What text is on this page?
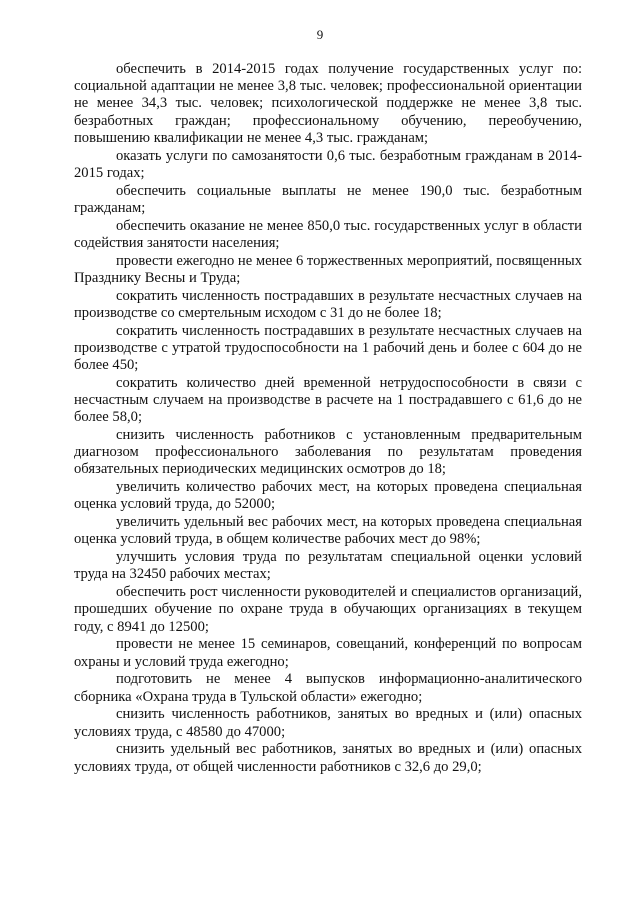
9

обеспечить в 2014-2015 годах получение государственных услуг по: социальной адаптации не менее 3,8 тыс. человек; профессиональной ориентации не менее 34,3 тыс. человек; психологической поддержке не менее 3,8 тыс. безработных граждан; профессиональному обучению, переобучению, повышению квалификации не менее 4,3 тыс. гражданам;

оказать услуги по самозанятости 0,6 тыс. безработным гражданам в 2014-2015 годах;

обеспечить социальные выплаты не менее 190,0 тыс. безработным гражданам;

обеспечить оказание не менее 850,0 тыс. государственных услуг в области содействия занятости населения;

провести ежегодно не менее 6 торжественных мероприятий, посвященных Празднику Весны и Труда;

сократить численность пострадавших в результате несчастных случаев на производстве со смертельным исходом с 31 до не более 18;

сократить численность пострадавших в результате несчастных случаев на производстве с утратой трудоспособности на 1 рабочий день и более с 604 до не более 450;

сократить количество дней временной нетрудоспособности в связи с несчастным случаем на производстве в расчете на 1 пострадавшего с 61,6 до не более 58,0;

снизить численность работников с установленным предварительным диагнозом профессионального заболевания по результатам проведения обязательных периодических медицинских осмотров до 18;

увеличить количество рабочих мест, на которых проведена специальная оценка условий труда, до 52000;

увеличить удельный вес рабочих мест, на которых проведена специальная оценка условий труда, в общем количестве рабочих мест до 98%;

улучшить условия труда по результатам специальной оценки условий труда на 32450 рабочих местах;

обеспечить рост численности руководителей и специалистов организаций, прошедших обучение по охране труда в обучающих организациях в текущем году, с 8941 до 12500;

провести не менее 15 семинаров, совещаний, конференций по вопросам охраны и условий труда ежегодно;

подготовить не менее 4 выпусков информационно-аналитического сборника «Охрана труда в Тульской области» ежегодно;

снизить численность работников, занятых во вредных и (или) опасных условиях труда, с 48580 до 47000;

снизить удельный вес работников, занятых во вредных и (или) опасных условиях труда, от общей численности работников с 32,6 до 29,0;
